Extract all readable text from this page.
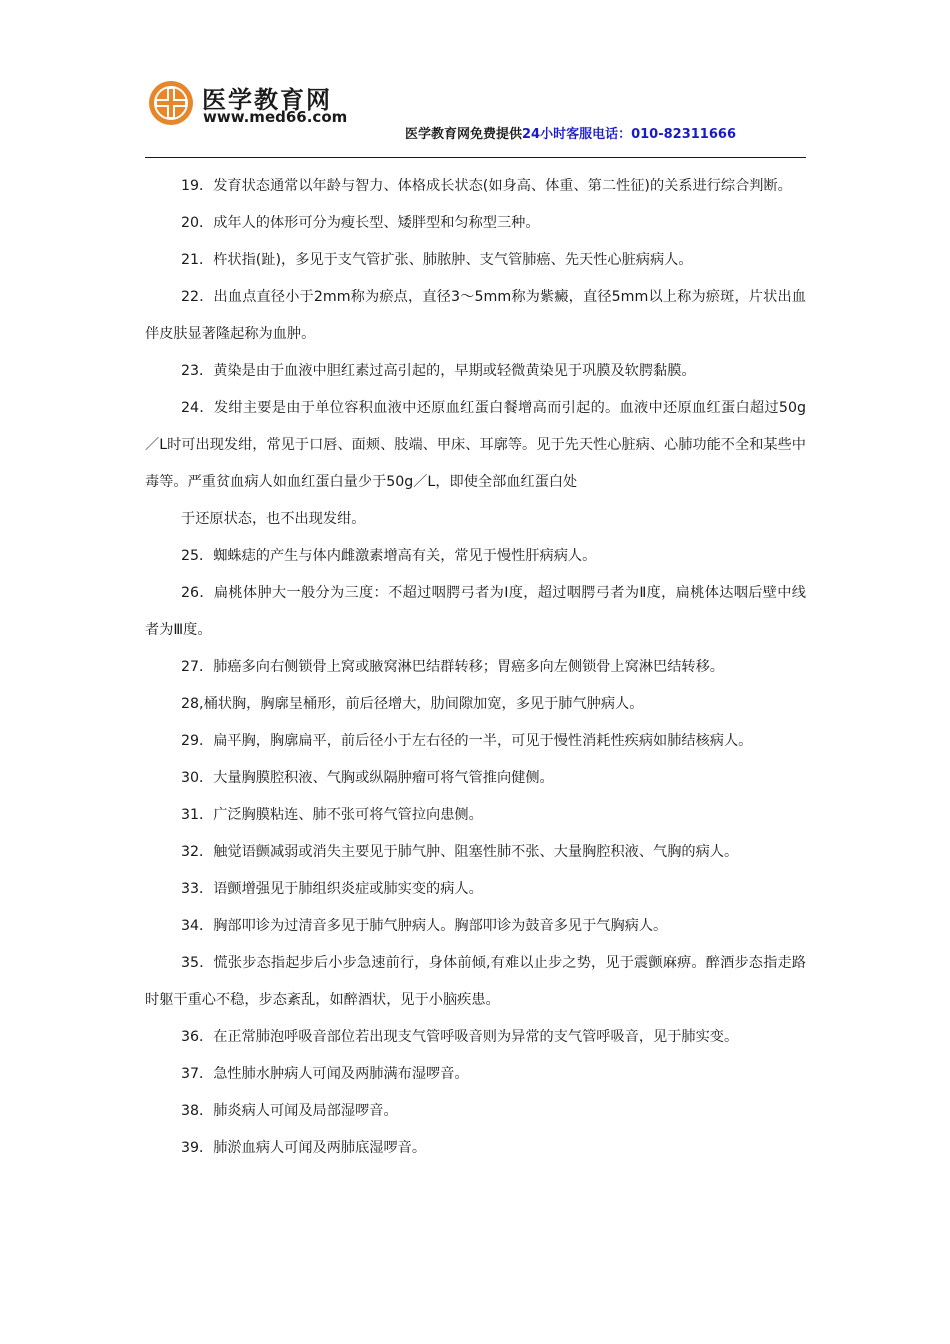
医学教育网
www.med66.com
医学教育网免费提供24小时客服电话：010-82311666

19．发育状态通常以年龄与智力、体格成长状态(如身高、体重、第二性征)的关系进行综合判断。

20．成年人的体形可分为瘦长型、矮胖型和匀称型三种。

21．杵状指(趾)，多见于支气管扩张、肺脓肿、支气管肺癌、先天性心脏病病人。

22．出血点直径小于2mm称为瘀点，直径3～5mm称为紫癜，直径5mm以上称为瘀斑，片状出血伴皮肤显著隆起称为血肿。

23．黄染是由于血液中胆红素过高引起的，早期或轻微黄染见于巩膜及软腭黏膜。

24．发绀主要是由于单位容积血液中还原血红蛋白餐增高而引起的。血液中还原血红蛋白超过50g／L时可出现发绀，常见于口唇、面颊、肢端、甲床、耳廓等。见于先天性心脏病、心肺功能不全和某些中毒等。严重贫血病人如血红蛋白量少于50g／L，即使全部血红蛋白处

于还原状态，也不出现发绀。

25．蜘蛛痣的产生与体内雌激素增高有关，常见于慢性肝病病人。

26．扁桃体肿大一般分为三度：不超过咽腭弓者为Ⅰ度，超过咽腭弓者为Ⅱ度，扁桃体达咽后壁中线者为Ⅲ度。

27．肺癌多向右侧锁骨上窝或腋窝淋巴结群转移；胃癌多向左侧锁骨上窝淋巴结转移。

28,桶状胸，胸廓呈桶形，前后径增大，肋间隙加宽，多见于肺气肿病人。

29．扁平胸，胸廓扁平，前后径小于左右径的一半，可见于慢性消耗性疾病如肺结核病人。

30．大量胸膜腔积液、气胸或纵隔肿瘤可将气管推向健侧。

31．广泛胸膜粘连、肺不张可将气管拉向患侧。

32．触觉语颤减弱或消失主要见于肺气肿、阻塞性肺不张、大量胸腔积液、气胸的病人。

33．语颤增强见于肺组织炎症或肺实变的病人。

34．胸部叩诊为过清音多见于肺气肿病人。胸部叩诊为鼓音多见于气胸病人。

35．慌张步态指起步后小步急速前行，身体前倾,有难以止步之势，见于震颤麻痹。醉酒步态指走路时躯干重心不稳，步态紊乱，如醉酒状，见于小脑疾患。

36．在正常肺泡呼吸音部位若出现支气管呼吸音则为异常的支气管呼吸音，见于肺实变。

37．急性肺水肿病人可闻及两肺满布湿啰音。

38．肺炎病人可闻及局部湿啰音。

39．肺淤血病人可闻及两肺底湿啰音。
